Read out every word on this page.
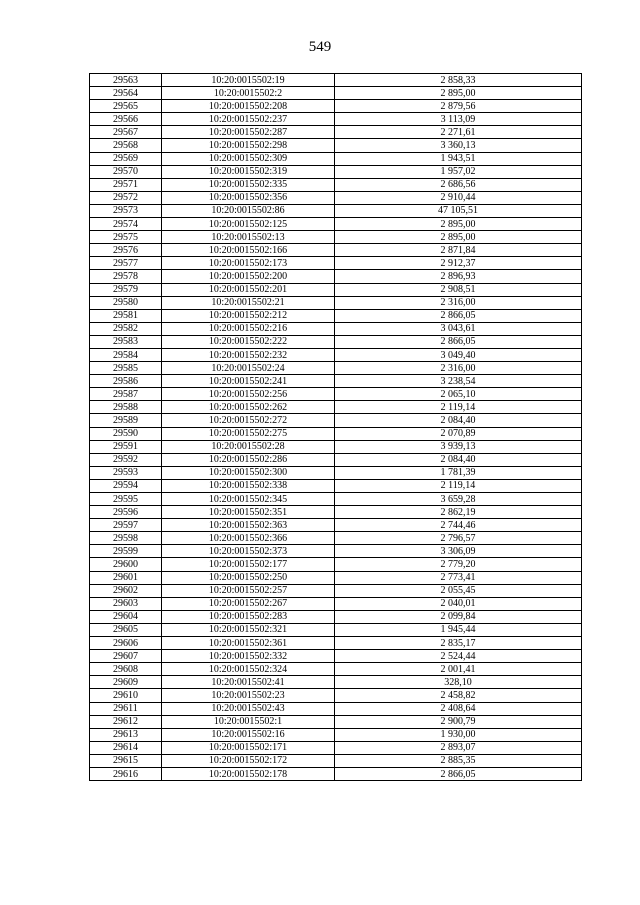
549
29563	10:20:0015502:19	2 858,33
29564	10:20:0015502:2	2 895,00
29565	10:20:0015502:208	2 879,56
29566	10:20:0015502:237	3 113,09
29567	10:20:0015502:287	2 271,61
29568	10:20:0015502:298	3 360,13
29569	10:20:0015502:309	1 943,51
29570	10:20:0015502:319	1 957,02
29571	10:20:0015502:335	2 686,56
29572	10:20:0015502:356	2 910,44
29573	10:20:0015502:86	47 105,51
29574	10:20:0015502:125	2 895,00
29575	10:20:0015502:13	2 895,00
29576	10:20:0015502:166	2 871,84
29577	10:20:0015502:173	2 912,37
29578	10:20:0015502:200	2 896,93
29579	10:20:0015502:201	2 908,51
29580	10:20:0015502:21	2 316,00
29581	10:20:0015502:212	2 866,05
29582	10:20:0015502:216	3 043,61
29583	10:20:0015502:222	2 866,05
29584	10:20:0015502:232	3 049,40
29585	10:20:0015502:24	2 316,00
29586	10:20:0015502:241	3 238,54
29587	10:20:0015502:256	2 065,10
29588	10:20:0015502:262	2 119,14
29589	10:20:0015502:272	2 084,40
29590	10:20:0015502:275	2 070,89
29591	10:20:0015502:28	3 939,13
29592	10:20:0015502:286	2 084,40
29593	10:20:0015502:300	1 781,39
29594	10:20:0015502:338	2 119,14
29595	10:20:0015502:345	3 659,28
29596	10:20:0015502:351	2 862,19
29597	10:20:0015502:363	2 744,46
29598	10:20:0015502:366	2 796,57
29599	10:20:0015502:373	3 306,09
29600	10:20:0015502:177	2 779,20
29601	10:20:0015502:250	2 773,41
29602	10:20:0015502:257	2 055,45
29603	10:20:0015502:267	2 040,01
29604	10:20:0015502:283	2 099,84
29605	10:20:0015502:321	1 945,44
29606	10:20:0015502:361	2 835,17
29607	10:20:0015502:332	2 524,44
29608	10:20:0015502:324	2 001,41
29609	10:20:0015502:41	328,10
29610	10:20:0015502:23	2 458,82
29611	10:20:0015502:43	2 408,64
29612	10:20:0015502:1	2 900,79
29613	10:20:0015502:16	1 930,00
29614	10:20:0015502:171	2 893,07
29615	10:20:0015502:172	2 885,35
29616	10:20:0015502:178	2 866,05
